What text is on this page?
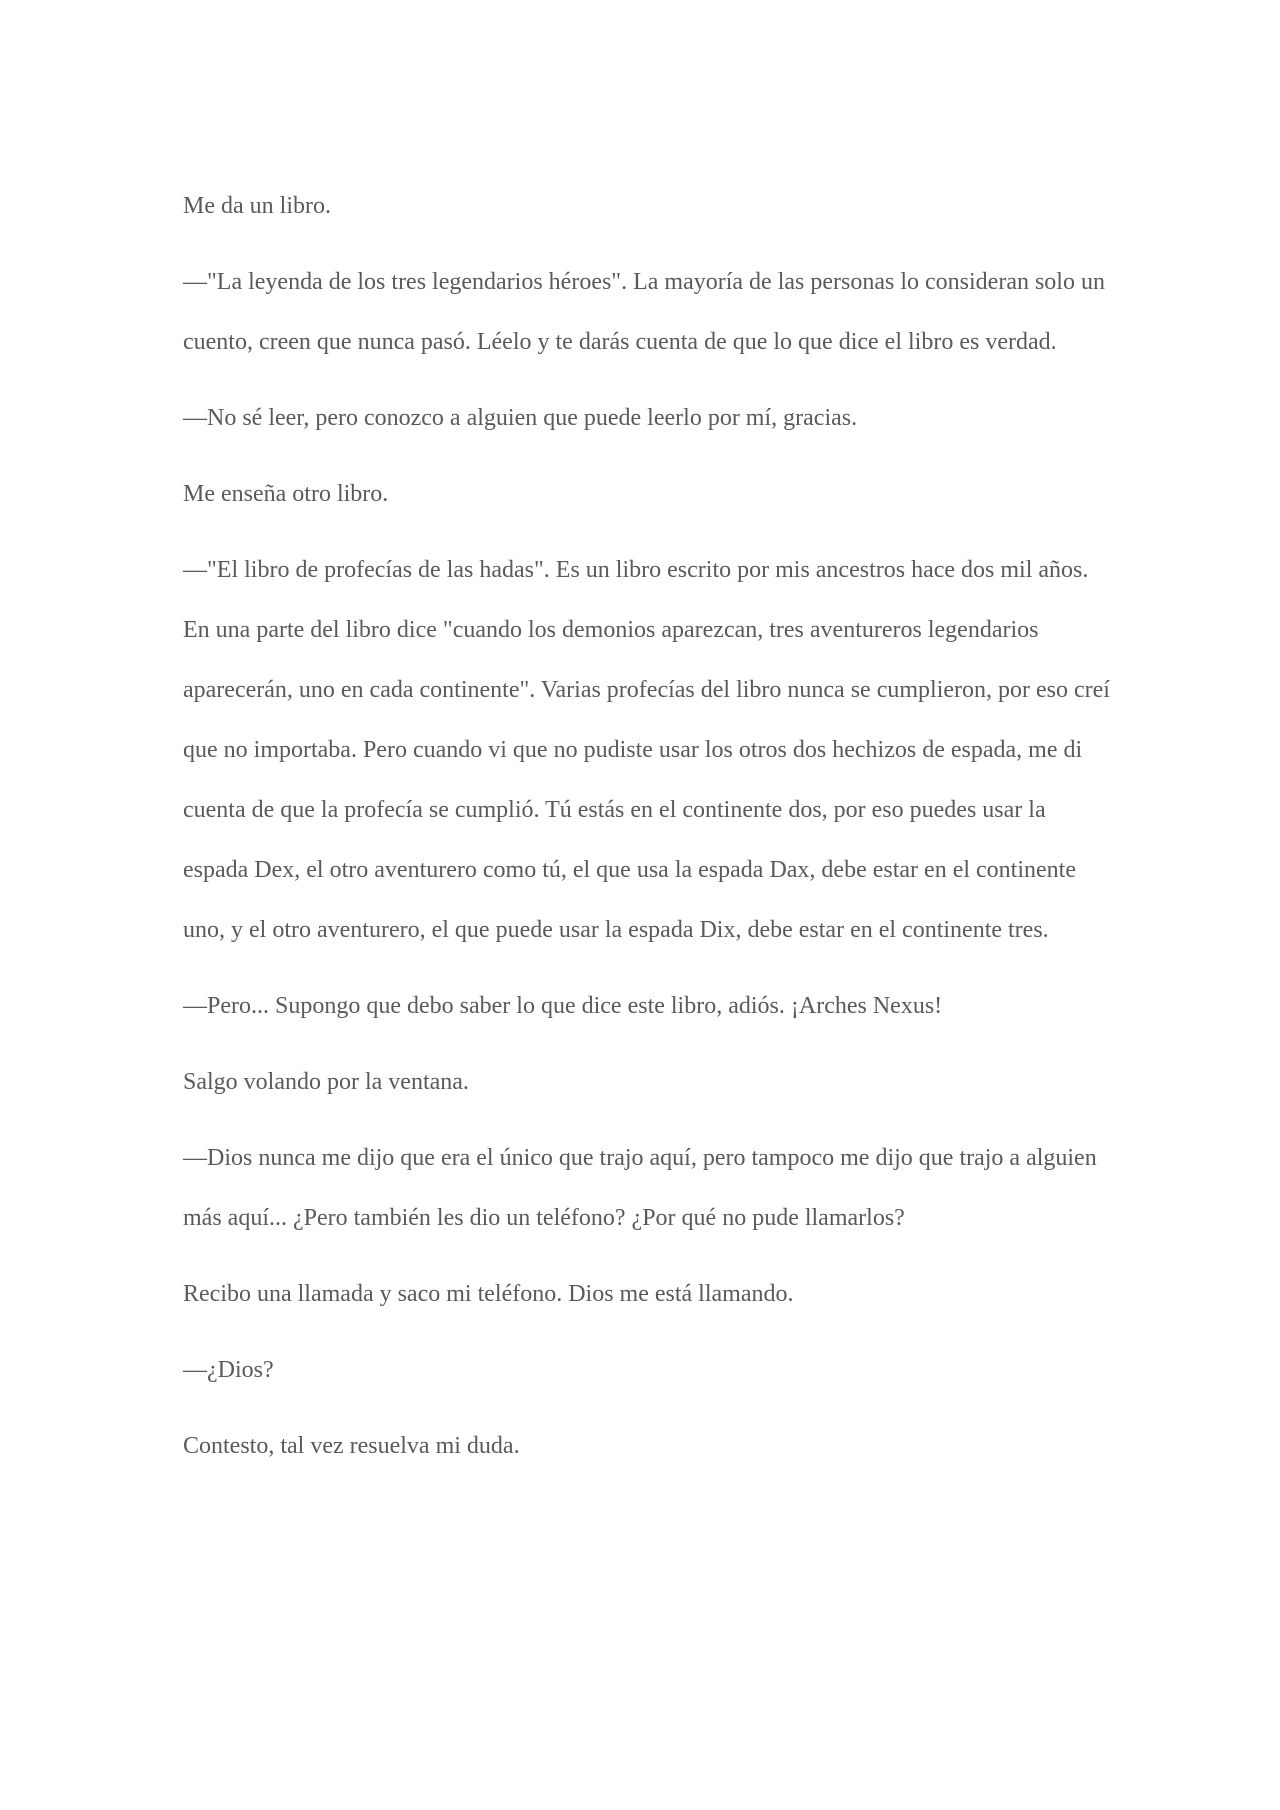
Me da un libro.

—"La leyenda de los tres legendarios héroes". La mayoría de las personas lo consideran solo un cuento, creen que nunca pasó. Léelo y te darás cuenta de que lo que dice el libro es verdad.

—No sé leer, pero conozco a alguien que puede leerlo por mí, gracias.

Me enseña otro libro.

—"El libro de profecías de las hadas". Es un libro escrito por mis ancestros hace dos mil años. En una parte del libro dice "cuando los demonios aparezcan, tres aventureros legendarios aparecerán, uno en cada continente". Varias profecías del libro nunca se cumplieron, por eso creí que no importaba. Pero cuando vi que no pudiste usar los otros dos hechizos de espada, me di cuenta de que la profecía se cumplió. Tú estás en el continente dos, por eso puedes usar la espada Dex, el otro aventurero como tú, el que usa la espada Dax, debe estar en el continente uno, y el otro aventurero, el que puede usar la espada Dix, debe estar en el continente tres.

—Pero... Supongo que debo saber lo que dice este libro, adiós. ¡Arches Nexus!

Salgo volando por la ventana.

—Dios nunca me dijo que era el único que trajo aquí, pero tampoco me dijo que trajo a alguien más aquí... ¿Pero también les dio un teléfono? ¿Por qué no pude llamarlos?

Recibo una llamada y saco mi teléfono. Dios me está llamando.

—¿Dios?

Contesto, tal vez resuelva mi duda.
